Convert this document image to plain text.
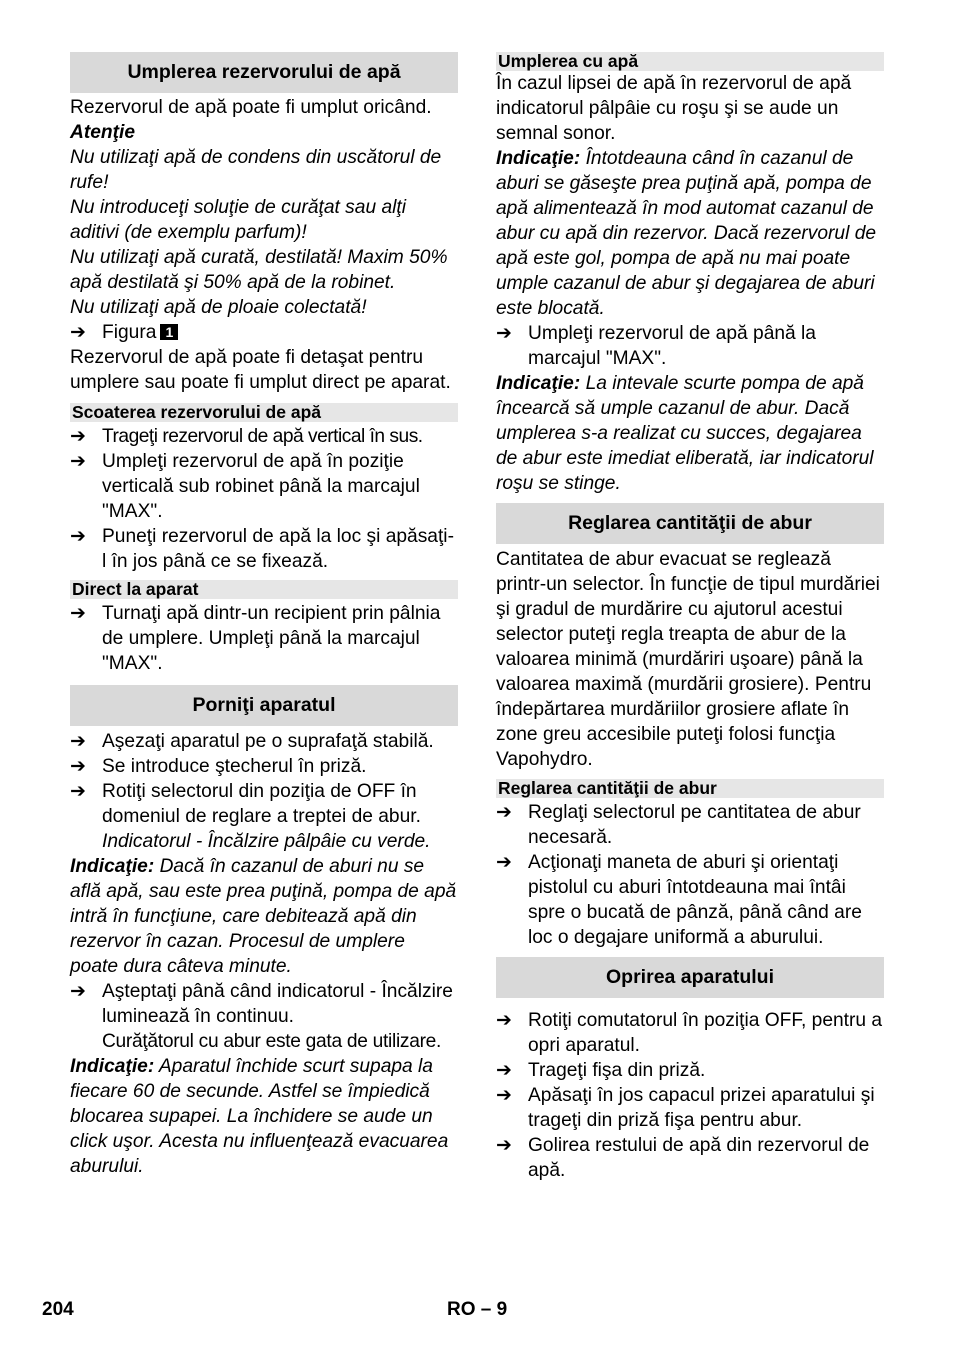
Umplerea rezervorului de apă

Rezervorul de apă poate fi umplut oricând.

Atenţie

Nu utilizaţi apă de condens din uscătorul de rufe!

Nu introduceţi soluţie de curăţat sau alţi aditivi (de exemplu parfum)!

Nu utilizaţi apă curată, destilată! Maxim 50% apă destilată şi 50% apă de la robinet.

Nu utilizaţi apă de ploaie colectată!

➔ Figura 1

Rezervorul de apă poate fi detaşat pentru umplere sau poate fi umplut direct pe aparat.

Scoaterea rezervorului de apă

➔ Trageţi rezervorul de apă vertical în sus.

➔ Umpleţi rezervorul de apă în poziţie verticală sub robinet până la marcajul "MAX".

➔ Puneţi rezervorul de apă la loc şi apăsaţi-l în jos până ce se fixează.

Direct la aparat

➔ Turnaţi apă dintr-un recipient prin pâlnia de umplere. Umpleţi până la marcajul "MAX".

Porniţi aparatul

➔ Aşezaţi aparatul pe o suprafaţă stabilă.

➔ Se introduce ştecherul în priză.

➔ Rotiţi selectorul din poziţia de OFF în domeniul de reglare a treptei de abur.

Indicatorul - Încălzire pâlpâie cu verde.

Indicaţie: Dacă în cazanul de aburi nu se află apă, sau este prea puţină, pompa de apă intră în funcţiune, care debitează apă din rezervor în cazan. Procesul de umplere poate dura câteva minute.

➔ Aşteptaţi până când indicatorul - Încălzire luminează în continuu.

Curăţătorul cu abur este gata de utilizare.

Indicaţie: Aparatul închide scurt supapa la fiecare 60 de secunde. Astfel se împiedică blocarea supapei. La închidere se aude un click uşor. Acesta nu influenţează evacuarea aburului.

Umplerea cu apă

În cazul lipsei de apă în rezervorul de apă indicatorul pâlpâie cu roşu şi se aude un semnal sonor.

Indicaţie: Întotdeauna când în cazanul de aburi se găseşte prea puţină apă, pompa de apă alimentează în mod automat cazanul de abur cu apă din rezervor. Dacă rezervorul de apă este gol, pompa de apă nu mai poate umple cazanul de abur şi degajarea de aburi este blocată.

➔ Umpleţi rezervorul de apă până la marcajul "MAX".

Indicaţie: La intevale scurte pompa de apă încearcă să umple cazanul de abur. Dacă umplerea s-a realizat cu succes, degajarea de abur este imediat eliberată, iar indicatorul roşu se stinge.

Reglarea cantităţii de abur

Cantitatea de abur evacuat se reglează printr-un selector. În funcţie de tipul murdăriei şi gradul de murdărire cu ajutorul acestui selector puteţi regla treapta de abur de la valoarea minimă (murdăriri uşoare) până la valoarea maximă (murdării grosiere). Pentru îndepărtarea murdăriilor grosiere aflate în zone greu accesibile puteţi folosi funcţia Vapohydro.

Reglarea cantităţii de abur

➔ Reglaţi selectorul pe cantitatea de abur necesară.

➔ Acţionaţi maneta de aburi şi orientaţi pistolul cu aburi întotdeauna mai întâi spre o bucată de pânză, până când are loc o degajare uniformă a aburului.

Oprirea aparatului

➔ Rotiţi comutatorul în poziţia OFF, pentru a opri aparatul.

➔ Trageţi fişa din priză.

➔ Apăsaţi în jos capacul prizei aparatului şi trageţi din priză fişa pentru abur.

➔ Golirea restului de apă din rezervorul de apă.

204	RO – 9
